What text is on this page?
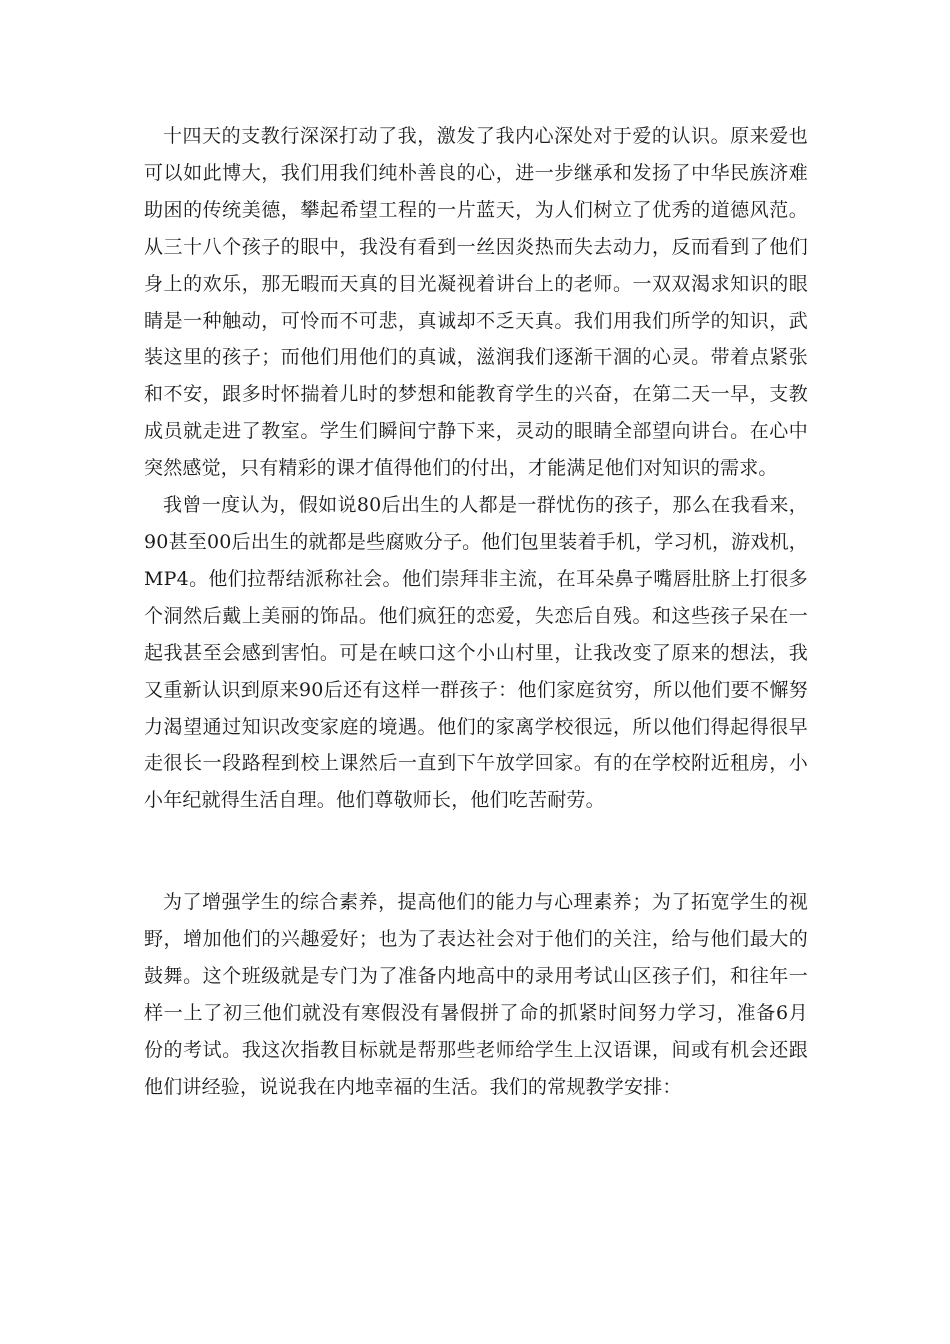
十四天的支教行深深打动了我，激发了我内心深处对于爱的认识。原来爱也可以如此博大，我们用我们纯朴善良的心，进一步继承和发扬了中华民族济难助困的传统美德，攀起希望工程的一片蓝天，为人们树立了优秀的道德风范。从三十八个孩子的眼中，我没有看到一丝因炎热而失去动力，反而看到了他们身上的欢乐，那无暇而天真的目光凝视着讲台上的老师。一双双渴求知识的眼睛是一种触动，可怜而不可悲，真诚却不乏天真。我们用我们所学的知识，武装这里的孩子；而他们用他们的真诚，滋润我们逐渐干涸的心灵。带着点紧张和不安，跟多时怀揣着儿时的梦想和能教育学生的兴奋，在第二天一早，支教成员就走进了教室。学生们瞬间宁静下来，灵动的眼睛全部望向讲台。在心中突然感觉，只有精彩的课才值得他们的付出，才能满足他们对知识的需求。

我曾一度认为，假如说80后出生的人都是一群忧伤的孩子，那么在我看来，90甚至00后出生的就都是些腐败分子。他们包里装着手机，学习机，游戏机，MP4。他们拉帮结派称社会。他们崇拜非主流，在耳朵鼻子嘴唇肚脐上打很多个洞然后戴上美丽的饰品。他们疯狂的恋爱，失恋后自残。和这些孩子呆在一起我甚至会感到害怕。可是在峡口这个小山村里，让我改变了原来的想法，我又重新认识到原来90后还有这样一群孩子：他们家庭贫穷，所以他们要不懈努力渴望通过知识改变家庭的境遇。他们的家离学校很远，所以他们得起得很早走很长一段路程到校上课然后一直到下午放学回家。有的在学校附近租房，小小年纪就得生活自理。他们尊敬师长，他们吃苦耐劳。

为了增强学生的综合素养，提高他们的能力与心理素养；为了拓宽学生的视野，增加他们的兴趣爱好；也为了表达社会对于他们的关注，给与他们最大的鼓舞。这个班级就是专门为了准备内地高中的录用考试山区孩子们，和往年一样一上了初三他们就没有寒假没有暑假拼了命的抓紧时间努力学习，准备6月份的考试。我这次指教目标就是帮那些老师给学生上汉语课，间或有机会还跟他们讲经验，说说我在内地幸福的生活。我们的常规教学安排：
